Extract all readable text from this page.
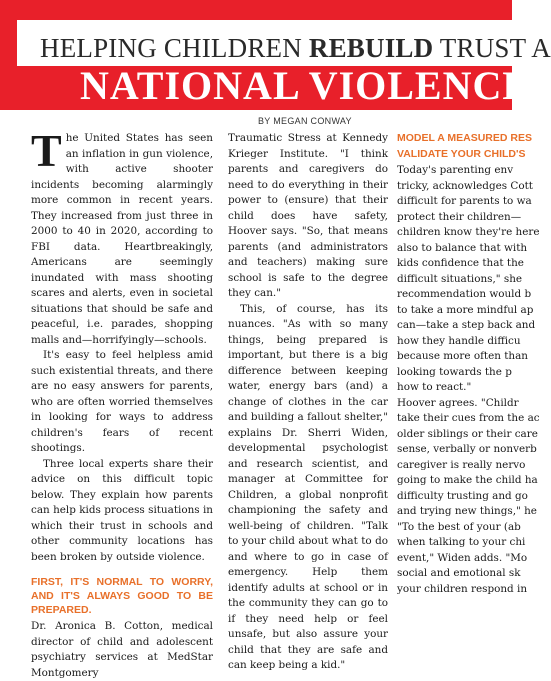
HELPING CHILDREN REBUILD TRUST A
NATIONAL VIOLENCE
BY MEGAN CONWAY

The United States has seen an inflation in gun violence, with active shooter incidents becoming alarmingly more common in recent years. They increased from just three in 2000 to 40 in 2020, according to FBI data. Heartbreakingly, Americans are seemingly inundated with mass shooting scares and alerts, even in societal situations that should be safe and peaceful, i.e. parades, shopping malls and—horrifyingly—schools.

It's easy to feel helpless amid such existential threats, and there are no easy answers for parents, who are often worried themselves in looking for ways to address children's fears of recent shootings.

Three local experts share their advice on this difficult topic below. They explain how parents can help kids process situations in which their trust in schools and other community locations has been broken by outside violence.

FIRST, IT'S NORMAL TO WORRY, AND IT'S ALWAYS GOOD TO BE PREPARED.

Dr. Aronica B. Cotton, medical director of child and adolescent psychiatry services at MedStar Montgomery

Traumatic Stress at Kennedy Krieger Institute. "I think parents and caregivers do need to do everything in their power to (ensure) that their child does have safety, Hoover says. "So, that means parents (and administrators and teachers) making sure school is safe to the degree they can."

This, of course, has its nuances. "As with so many things, being prepared is important, but there is a big difference between keeping water, energy bars (and) a change of clothes in the car and building a fallout shelter," explains Dr. Sherri Widen, developmental psychologist and research scientist, and manager at Committee for Children, a global nonprofit championing the safety and well-being of children. "Talk to your child about what to do and where to go in case of emergency. Help them identify adults at school or in the community they can go to if they need help or feel unsafe, but also assure your child that they are safe and can keep being a kid."

MODEL A MEASURED RES
VALIDATE YOUR CHILD'S
Today's parenting env
tricky, acknowledges Cott
difficult for parents to wa
protect their children—
children know they're here
also to balance that with
kids confidence that the
difficult situations," she
recommendation would b
to take a more mindful ap
can—take a step back and
how they handle difficu
because more often than
looking towards the p
how to react."
Hoover agrees. "Childr
take their cues from the ac
older siblings or their care
sense, verbally or nonverb
caregiver is really nervo
going to make the child ha
difficulty trusting and go
and trying new things," he
"To the best of your (ab
when talking to your chi
event," Widen adds. "Mo
social and emotional sk
your children respond in
